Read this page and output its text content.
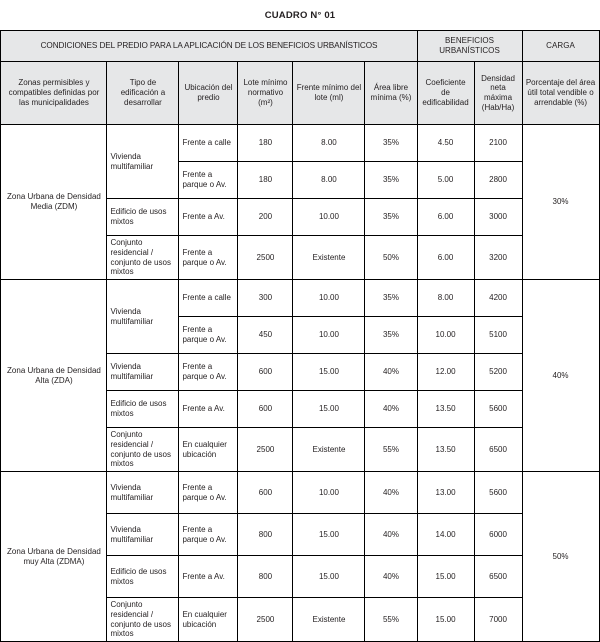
CUADRO N° 01
CONDICIONES DEL PREDIO PARA LA APLICACIÓN DE LOS BENEFICIOS URBANÍSTICOS						BENEFICIOS URBANÍSTICOS		CARGA
Zonas permisibles y compatibles definidas por las municipalidades	Tipo de edificación a desarrollar	Ubicación del predio	Lote mínimo normativo (m²)	Frente mínimo del lote (ml)	Área libre mínima (%)	Coeficiente de edificabilidad	Densidad neta máxima (Hab/Ha)	Porcentaje del área útil total vendible o arrendable (%)
Zona Urbana de Densidad Media (ZDM)	Vivienda multifamiliar	Frente a calle	180	8.00	35%	4.50	2100	30%
		Frente a parque o Av.	180	8.00	35%	5.00	2800	
	Edificio de usos mixtos	Frente a Av.	200	10.00	35%	6.00	3000	
	Conjunto residencial / conjunto de usos mixtos	Frente a parque o Av.	2500	Existente	50%	6.00	3200	
Zona Urbana de Densidad Alta (ZDA)	Vivienda multifamiliar	Frente a calle	300	10.00	35%	8.00	4200	40%
		Frente a parque o Av.	450	10.00	35%	10.00	5100	
	Vivienda multifamiliar	Frente a parque o Av.	600	15.00	40%	12.00	5200	
	Edificio de usos mixtos	Frente a Av.	600	15.00	40%	13.50	5600	
	Conjunto residencial / conjunto de usos mixtos	En cualquier ubicación	2500	Existente	55%	13.50	6500	
Zona Urbana de Densidad muy Alta (ZDMA)	Vivienda multifamiliar	Frente a parque o Av.	600	10.00	40%	13.00	5600	50%
	Vivienda multifamiliar	Frente a parque o Av.	800	15.00	40%	14.00	6000	
	Edificio de usos mixtos	Frente a Av.	800	15.00	40%	15.00	6500	
	Conjunto residencial / conjunto de usos mixtos	En cualquier ubicación	2500	Existente	55%	15.00	7000	
